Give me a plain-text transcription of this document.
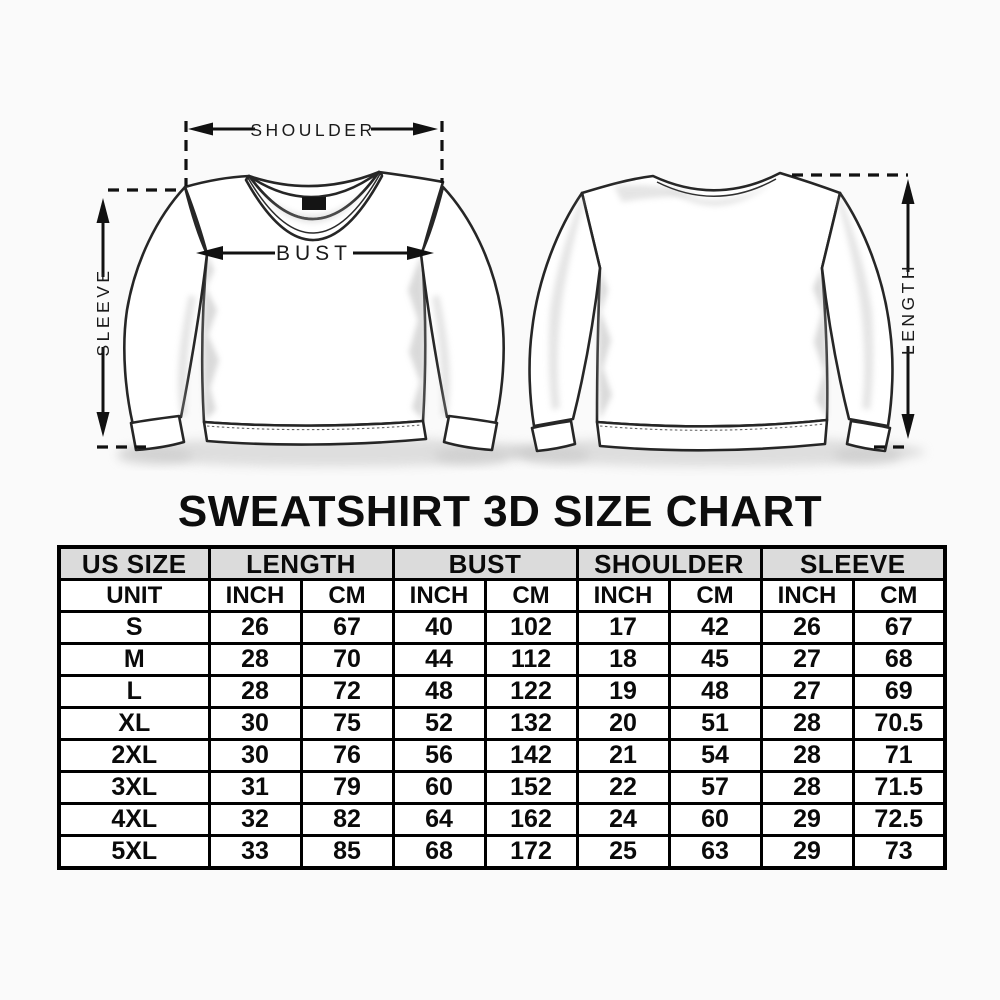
SHOULDER
BUST
SLEEVE	LENGTH
SWEATSHIRT 3D SIZE CHART
US SIZE	LENGTH		BUST		SHOULDER		SLEEVE	
UNIT	INCH	CM	INCH	CM	INCH	CM	INCH	CM
S	26	67	40	102	17	42	26	67
M	28	70	44	112	18	45	27	68
L	28	72	48	122	19	48	27	69
XL	30	75	52	132	20	51	28	70.5
2XL	30	76	56	142	21	54	28	71
3XL	31	79	60	152	22	57	28	71.5
4XL	32	82	64	162	24	60	29	72.5
5XL	33	85	68	172	25	63	29	73
